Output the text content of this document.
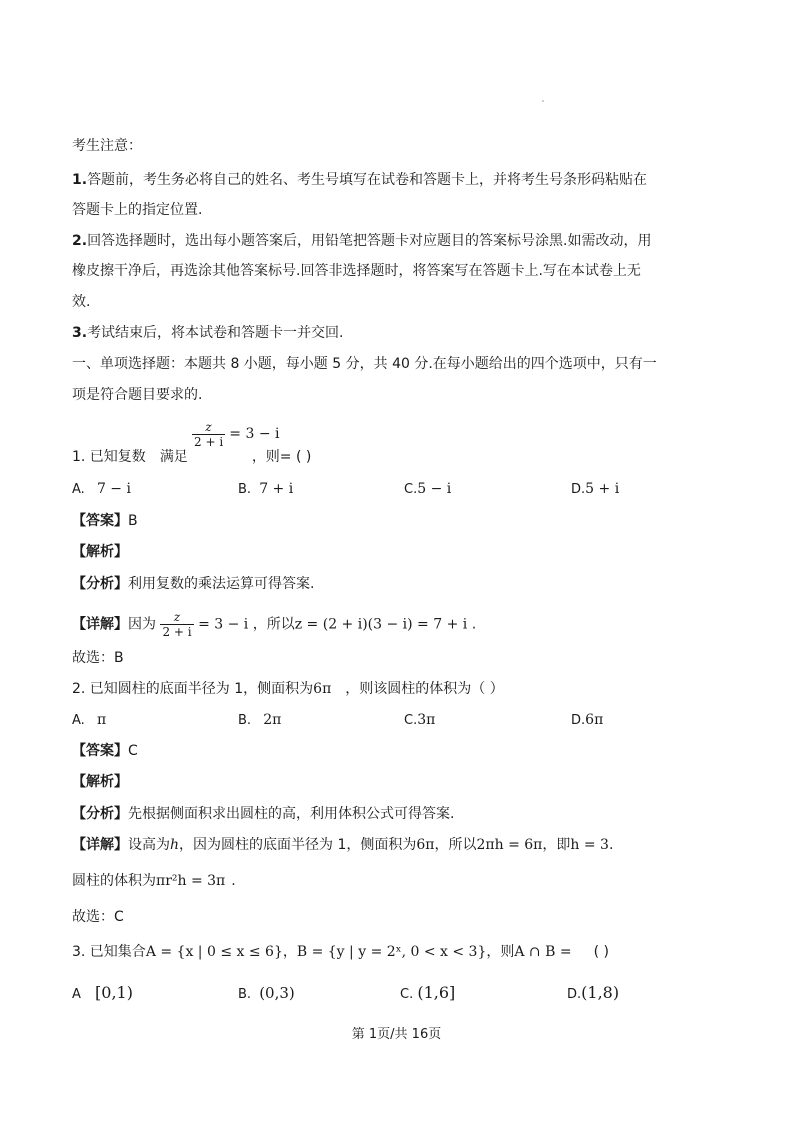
考生注意：
1.答题前，考生务必将自己的姓名、考生号填写在试卷和答题卡上，并将考生号条形码粘贴在
答题卡上的指定位置.
2.回答选择题时，选出每小题答案后，用铅笔把答题卡对应题目的答案标号涂黑.如需改动，用
橡皮擦干净后，再选涂其他答案标号.回答非选择题时，将答案写在答题卡上.写在本试卷上无
效.
3.考试结束后，将本试卷和答题卡一并交回.
一、单项选择题：本题共 8 小题，每小题 5 分，共 40 分.在每小题给出的四个选项中，只有一
项是符合题目要求的.
$\frac{z}{2 + i} = 3 - i$
1. 已知复数 满足	，则= ( )
A. 7 − i	B. 7 + i	C.5 − i	D.5 + i
【答案】B
【解析】
【分析】利用复数的乘法运算可得答案.
【详解】因为 $\frac{z}{2 + i} = 3 - i$ ，所以z = (2 + i)(3 − i) = 7 + i .
故选：B
2. 已知圆柱的底面半径为 1，侧面积为6π ，则该圆柱的体积为（ ）
A. π	B. 2π	C.3π	D.6π
【答案】C
【解析】
【分析】先根据侧面积求出圆柱的高，利用体积公式可得答案.
【详解】设高为h，因为圆柱的底面半径为 1，侧面积为6π，所以2πh = 6π，即h = 3.
圆柱的体积为πr²h = 3π .
故选：C
3. 已知集合A = {x | 0 ≤ x ≤ 6}，B = {y | y = 2ˣ, 0 < x < 3}，则A ∩ B = ( )
A [0,1)	B. (0,3)	C. (1,6]	D.(1,8)
第 1页/共 16页
